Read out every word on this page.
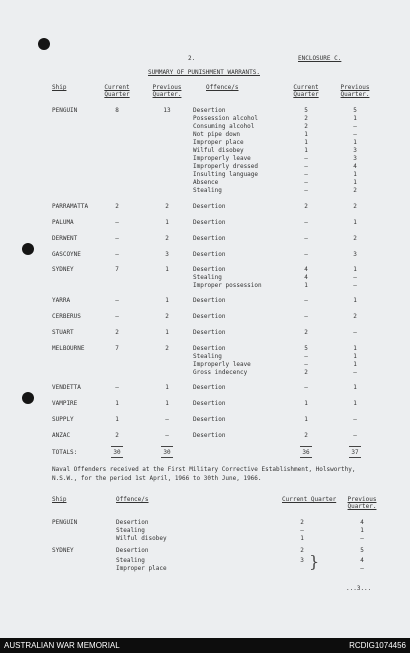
2.	ENCLOSURE C.
SUMMARY OF PUNISHMENT WARRANTS.
Ship	Current
Quarter
Previous
Quarter.
Offence/s	Current
Quarter
Previous
Quarter.
PENGUIN	8	13	Desertion	5	5
Possession alcohol	2	1
Consuming alcohol	2	–
Not pipe down	1	–
Improper place	1	1
Wilful disobey	1	3
Improperly leave	–	3
Improperly dressed	–	4
Insulting language	–	1
Absence	–	1
Stealing	–	2
PARRAMATTA	2	2	Desertion	2	2
PALUMA	–	1	Desertion	–	1
DERWENT	–	2	Desertion	–	2
GASCOYNE	–	3	Desertion	–	3
SYDNEY	7	1	Desertion	4	1
Stealing	4	–
Improper possession	1	–
YARRA	–	1	Desertion	–	1
CERBERUS	–	2	Desertion	–	2
STUART	2	1	Desertion	2	–
MELBOURNE	7	2	Desertion	5	1
Stealing	–	1
Improperly leave	–	1
Gross indecency	2	–
VENDETTA	–	1	Desertion	–	1
VAMPIRE	1	1	Desertion	1	1
SUPPLY	1	–	Desertion	1	–
ANZAC	2	–	Desertion	2	–
TOTALS:	30	30	36	37
Naval Offenders received at the First Military Corrective Establishment, Holsworthy,
N.S.W., for the period 1st April, 1966 to 30th June, 1966.
Ship	Offence/s	Current Quarter	Previous
Quarter.
PENGUIN	Desertion	2	4
Stealing	–	1
Wilful disobey	1	–
SYDNEY	Desertion	2	5
Stealing	3	4
Improper place	–
}
...3...
AUSTRALIAN WAR MEMORIAL	RCDIG1074456
